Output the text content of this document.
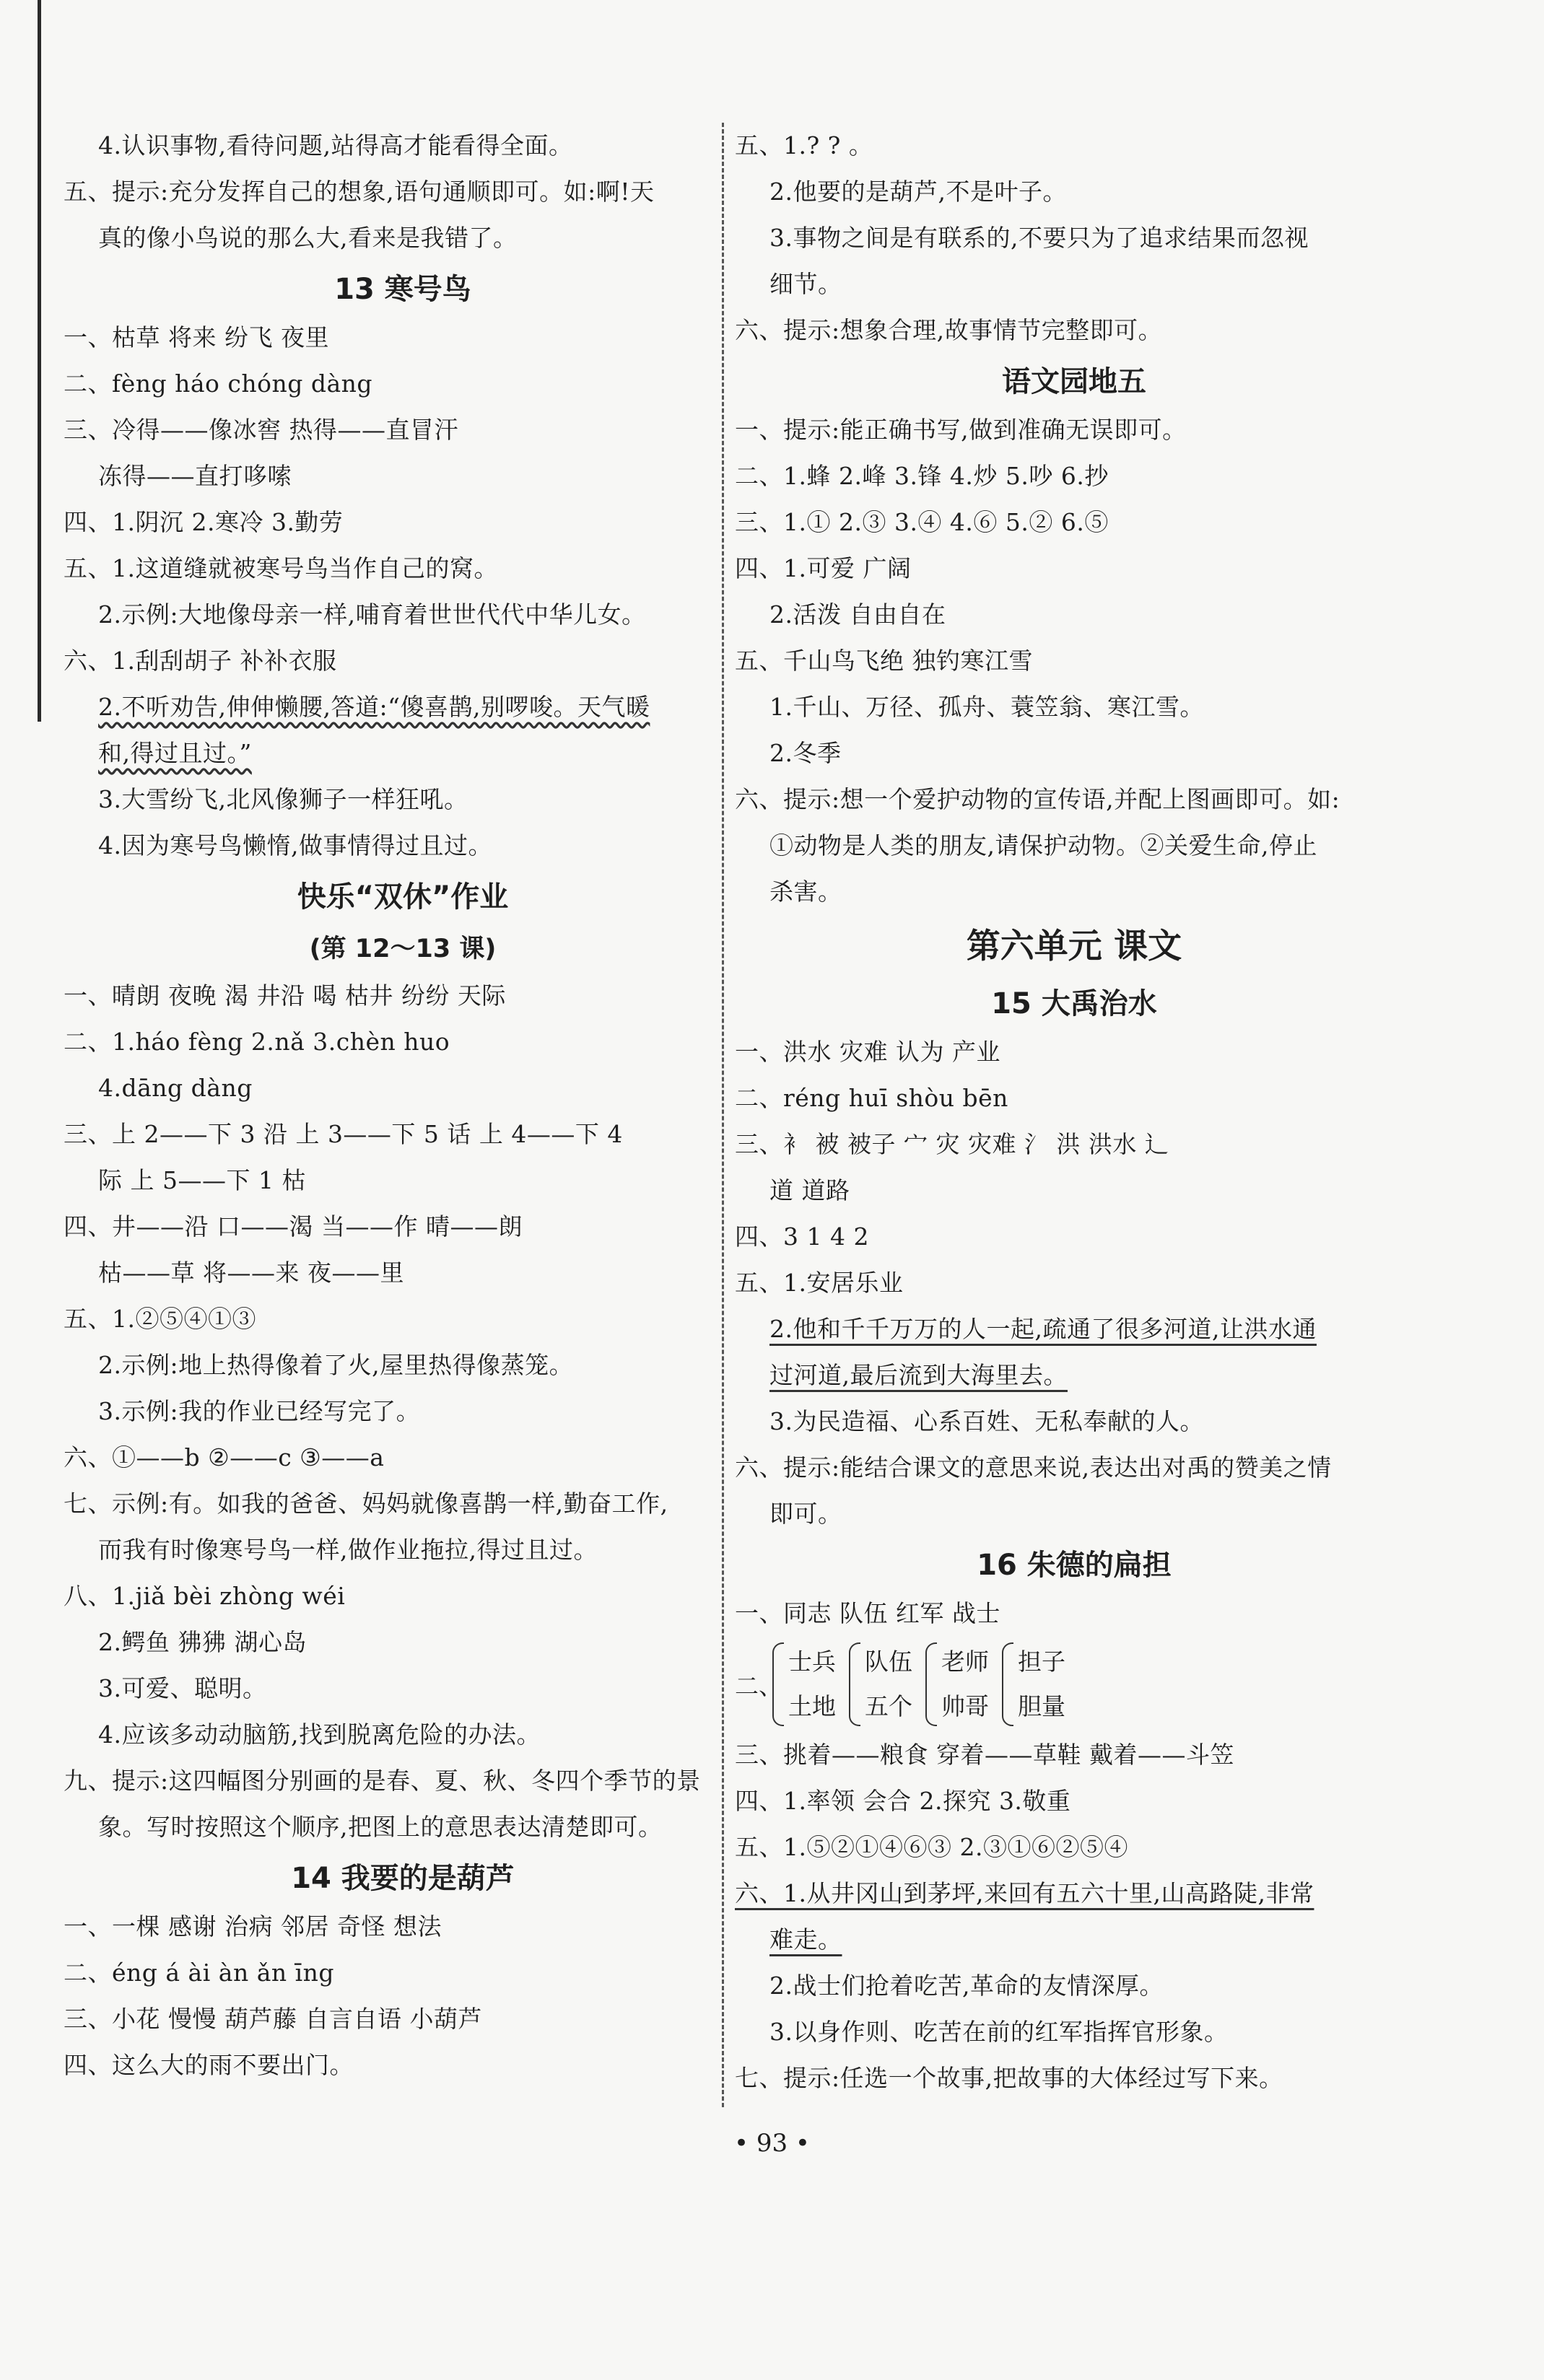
4.认识事物,看待问题,站得高才能看得全面。
五、提示:充分发挥自己的想象,语句通顺即可。如:啊!天
真的像小鸟说的那么大,看来是我错了。
13 寒号鸟
一、枯草 将来 纷飞 夜里
二、fèng háo chóng dàng
三、冷得——像冰窖 热得——直冒汗
冻得——直打哆嗦
四、1.阴沉 2.寒冷 3.勤劳
五、1.这道缝就被寒号鸟当作自己的窝。
2.示例:大地像母亲一样,哺育着世世代代中华儿女。
六、1.刮刮胡子 补补衣服
2.不听劝告,伸伸懒腰,答道:“傻喜鹊,别啰唆。天气暖
和,得过且过。”
3.大雪纷飞,北风像狮子一样狂吼。
4.因为寒号鸟懒惰,做事情得过且过。
快乐“双休”作业
(第 12～13 课)
一、晴朗 夜晚 渴 井沿 喝 枯井 纷纷 天际
二、1.háo fèng 2.nǎ 3.chèn huo
4.dāng dàng
三、上 2——下 3 沿 上 3——下 5 话 上 4——下 4
际 上 5——下 1 枯
四、井——沿 口——渴 当——作 晴——朗
枯——草 将——来 夜——里
五、1.②⑤④①③
2.示例:地上热得像着了火,屋里热得像蒸笼。
3.示例:我的作业已经写完了。
六、①——b ②——c ③——a
七、示例:有。如我的爸爸、妈妈就像喜鹊一样,勤奋工作,
而我有时像寒号鸟一样,做作业拖拉,得过且过。
八、1.jiǎ bèi zhòng wéi
2.鳄鱼 狒狒 湖心岛
3.可爱、聪明。
4.应该多动动脑筋,找到脱离危险的办法。
九、提示:这四幅图分别画的是春、夏、秋、冬四个季节的景
象。写时按照这个顺序,把图上的意思表达清楚即可。
14 我要的是葫芦
一、一棵 感谢 治病 邻居 奇怪 想法
二、éng á ài àn ǎn īng
三、小花 慢慢 葫芦藤 自言自语 小葫芦
四、这么大的雨不要出门。
五、1.? ? 。
2.他要的是葫芦,不是叶子。
3.事物之间是有联系的,不要只为了追求结果而忽视
细节。
六、提示:想象合理,故事情节完整即可。
语文园地五
一、提示:能正确书写,做到准确无误即可。
二、1.蜂 2.峰 3.锋 4.炒 5.吵 6.抄
三、1.① 2.③ 3.④ 4.⑥ 5.② 6.⑤
四、1.可爱 广阔
2.活泼 自由自在
五、千山鸟飞绝 独钓寒江雪
1.千山、万径、孤舟、蓑笠翁、寒江雪。
2.冬季
六、提示:想一个爱护动物的宣传语,并配上图画即可。如:
①动物是人类的朋友,请保护动物。②关爱生命,停止
杀害。
第六单元 课文
15 大禹治水
一、洪水 灾难 认为 产业
二、réng huī shòu bēn
三、衤 被 被子 宀 灾 灾难 氵 洪 洪水 辶
道 道路
四、3 1 4 2
五、1.安居乐业
2.他和千千万万的人一起,疏通了很多河道,让洪水通
过河道,最后流到大海里去。
3.为民造福、心系百姓、无私奉献的人。
六、提示:能结合课文的意思来说,表达出对禹的赞美之情
即可。
16 朱德的扁担
一、同志 队伍 红军 战士
二、
士兵
土地
队伍
五个
老师
帅哥
担子
胆量
三、挑着——粮食 穿着——草鞋 戴着——斗笠
四、1.率领 会合 2.探究 3.敬重
五、1.⑤②①④⑥③ 2.③①⑥②⑤④
六、1.从井冈山到茅坪,来回有五六十里,山高路陡,非常
难走。
2.战士们抢着吃苦,革命的友情深厚。
3.以身作则、吃苦在前的红军指挥官形象。
七、提示:任选一个故事,把故事的大体经过写下来。
• 93 •
